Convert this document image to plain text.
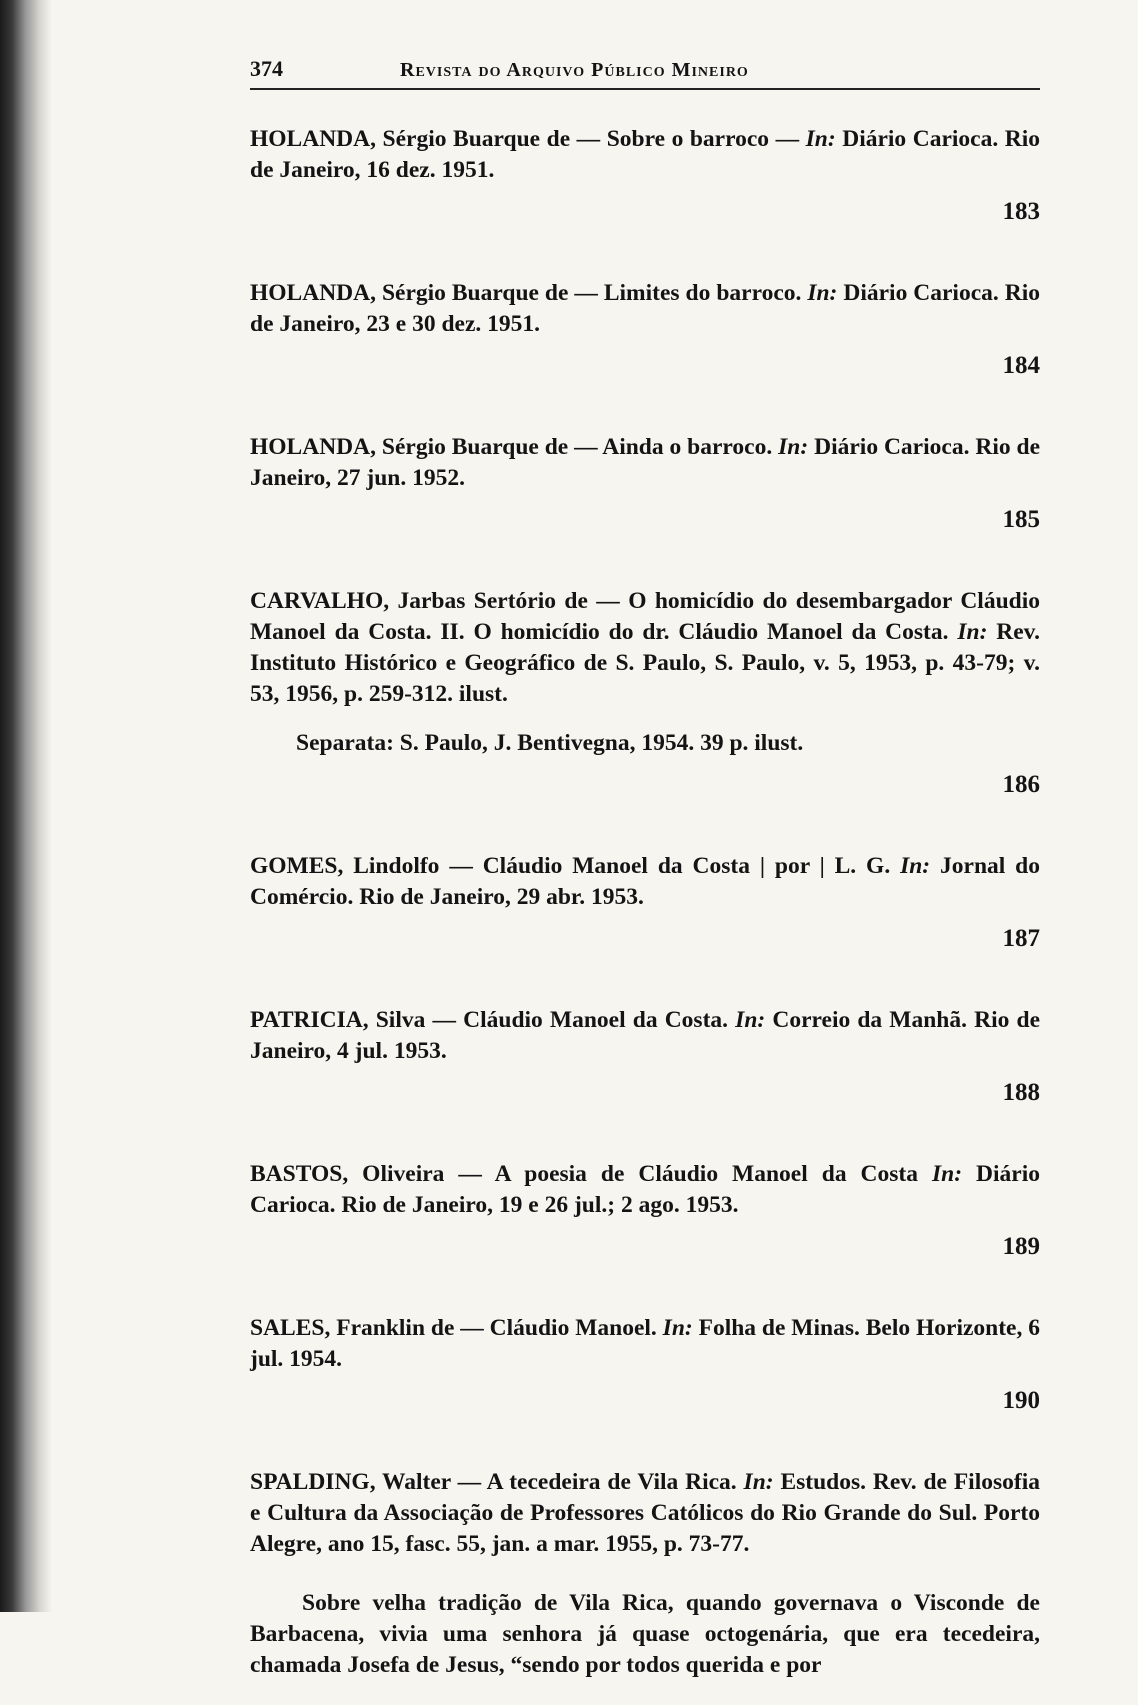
374	Revista do Arquivo Público Mineiro

HOLANDA, Sérgio Buarque de — Sobre o barroco — In: Diário Carioca. Rio de Janeiro, 16 dez. 1951.

183

HOLANDA, Sérgio Buarque de — Limites do barroco. In: Diário Carioca. Rio de Janeiro, 23 e 30 dez. 1951.

184

HOLANDA, Sérgio Buarque de — Ainda o barroco. In: Diário Carioca. Rio de Janeiro, 27 jun. 1952.

185

CARVALHO, Jarbas Sertório de — O homicídio do desembargador Cláudio Manoel da Costa. II. O homicídio do dr. Cláudio Manoel da Costa. In: Rev. Instituto Histórico e Geográfico de S. Paulo, S. Paulo, v. 5, 1953, p. 43-79; v. 53, 1956, p. 259-312. ilust.

Separata: S. Paulo, J. Bentivegna, 1954. 39 p. ilust.

186

GOMES, Lindolfo — Cláudio Manoel da Costa | por | L. G. In: Jornal do Comércio. Rio de Janeiro, 29 abr. 1953.

187

PATRICIA, Silva — Cláudio Manoel da Costa. In: Correio da Manhã. Rio de Janeiro, 4 jul. 1953.

188

BASTOS, Oliveira — A poesia de Cláudio Manoel da Costa In: Diário Carioca. Rio de Janeiro, 19 e 26 jul.; 2 ago. 1953.

189

SALES, Franklin de — Cláudio Manoel. In: Folha de Minas. Belo Horizonte, 6 jul. 1954.

190

SPALDING, Walter — A tecedeira de Vila Rica. In: Estudos. Rev. de Filosofia e Cultura da Associação de Professores Católicos do Rio Grande do Sul. Porto Alegre, ano 15, fasc. 55, jan. a mar. 1955, p. 73-77.

Sobre velha tradição de Vila Rica, quando governava o Visconde de Barbacena, vivia uma senhora já quase octogenária, que era tecedeira, chamada Josefa de Jesus, “sendo por todos querida e por
